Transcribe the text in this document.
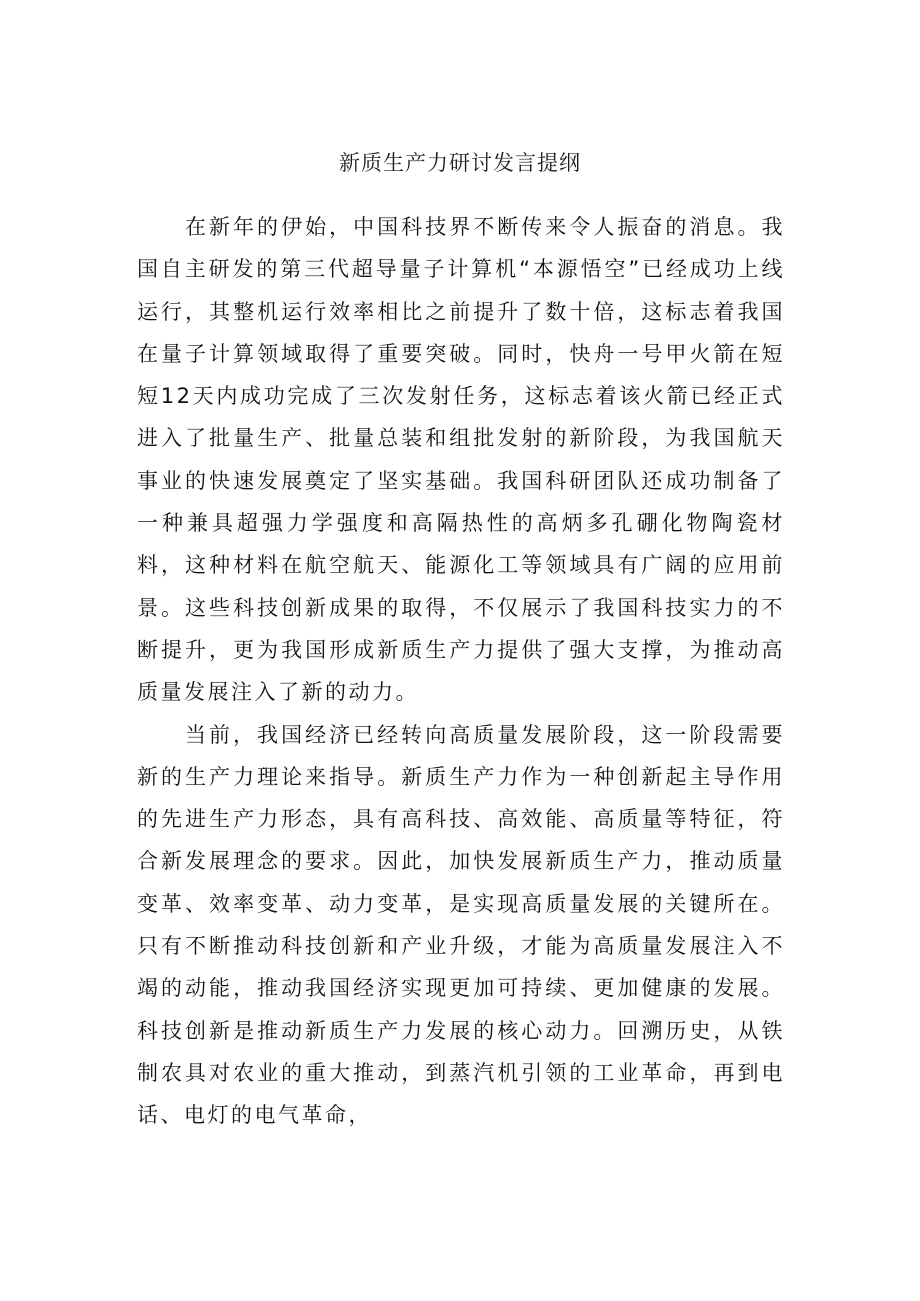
新质生产力研讨发言提纲

在新年的伊始，中国科技界不断传来令人振奋的消息。我国自主研发的第三代超导量子计算机“本源悟空”已经成功上线运行，其整机运行效率相比之前提升了数十倍，这标志着我国在量子计算领域取得了重要突破。同时，快舟一号甲火箭在短短12天内成功完成了三次发射任务，这标志着该火箭已经正式进入了批量生产、批量总装和组批发射的新阶段，为我国航天事业的快速发展奠定了坚实基础。我国科研团队还成功制备了一种兼具超强力学强度和高隔热性的高炳多孔硼化物陶瓷材料，这种材料在航空航天、能源化工等领域具有广阔的应用前景。这些科技创新成果的取得，不仅展示了我国科技实力的不断提升，更为我国形成新质生产力提供了强大支撑，为推动高质量发展注入了新的动力。

当前，我国经济已经转向高质量发展阶段，这一阶段需要新的生产力理论来指导。新质生产力作为一种创新起主导作用的先进生产力形态，具有高科技、高效能、高质量等特征，符合新发展理念的要求。因此，加快发展新质生产力，推动质量变革、效率变革、动力变革，是实现高质量发展的关键所在。只有不断推动科技创新和产业升级，才能为高质量发展注入不竭的动能，推动我国经济实现更加可持续、更加健康的发展。科技创新是推动新质生产力发展的核心动力。回溯历史，从铁制农具对农业的重大推动，到蒸汽机引领的工业革命，再到电话、电灯的电气革命，
